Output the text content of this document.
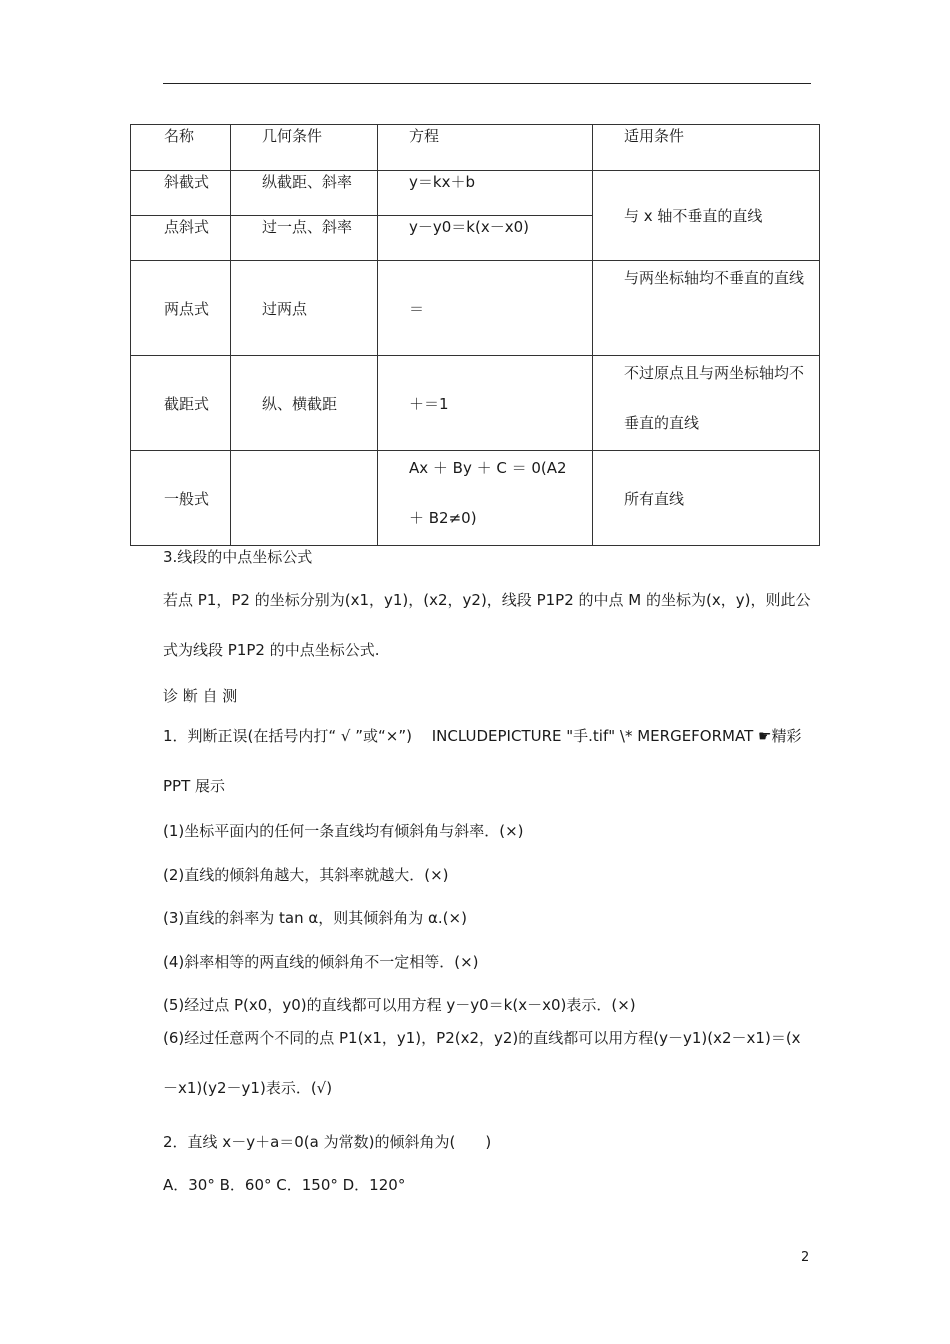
名称	几何条件	方程	适用条件
斜截式	纵截距、斜率	y＝kx＋b	与 x 轴不垂直的直线
点斜式	过一点、斜率	y－y0＝k(x－x0)	
两点式	过两点	＝	与两坐标轴均不垂直的直线

截距式	纵、横截距	＋＝1	不过原点且与两坐标轴均不垂直的直线

一般式		Ax ＋ By ＋ C ＝ 0(A2 ＋ B2≠0)	所有直线
3.线段的中点坐标公式
若点 P1，P2 的坐标分别为(x1，y1)，(x2，y2)，线段 P1P2 的中点 M 的坐标为(x，y)，则此公式为线段 P1P2 的中点坐标公式.
诊 断 自 测
1．判断正误(在括号内打“ √ ”或“×”)　 INCLUDEPICTURE "手.tif" \* MERGEFORMAT ☛精彩 PPT 展示
(1)坐标平面内的任何一条直线均有倾斜角与斜率．(×)
(2)直线的倾斜角越大，其斜率就越大．(×)
(3)直线的斜率为 tan α，则其倾斜角为 α.(×)
(4)斜率相等的两直线的倾斜角不一定相等．(×)
(5)经过点 P(x0，y0)的直线都可以用方程 y－y0＝k(x－x0)表示．(×)
(6)经过任意两个不同的点 P1(x1，y1)，P2(x2，y2)的直线都可以用方程(y－y1)(x2－x1)＝(x－x1)(y2－y1)表示．(√)
2．直线 x－y＋a＝0(a 为常数)的倾斜角为(　　)
A．30° B．60° C．150° D．120°
2
